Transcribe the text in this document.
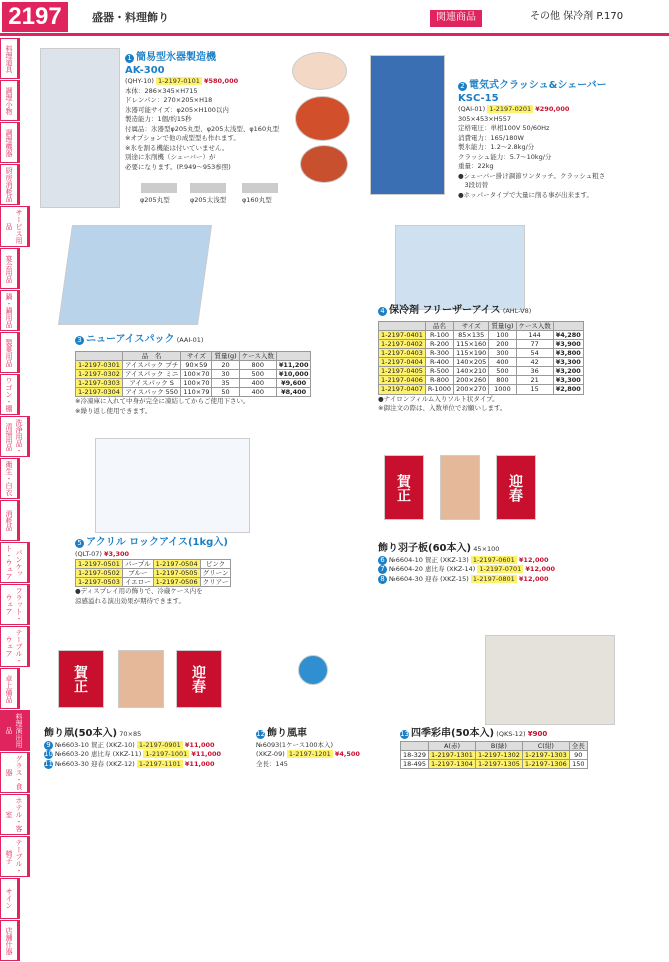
2197	盛器・料理飾り	関連商品	その他 保冷剤 P.170
料理道具
調理小物
調理機器
厨房消耗品
サービス用品
宴会用品
鍋・鍋用品
製菓用品
ワゴン・棚
洗浄用品・清掃用品
衛生・白衣
消耗品
バンケット・ウェア
フラット・ウェア
テーブル・ウェア
卓上備品
料理演出用品
グラス・食器
ホテル・客室
テーブル・椅子
サイン
店舗什器
1 簡易型氷器製造機
AK-300
(QHY-10) 1-2197-0101 ¥580,000
本体：286×345×H715
ドレンパン：270×205×H18
氷器可能サイズ：φ205×H100以内
製造能力：1個/約15秒
付属品：氷器型φ205丸型、φ205太浅型、φ160丸型
※オプションで他の成型型も作れます。
※氷を割る機能は付いていません。
別途に氷削機（シェーバー）が
必要になります。(P.949〜953参照)
φ205丸型	φ205太浅型 φ160丸型
2 電気式クラッシュ&シェーバー
KSC-15
(QAI-01) 1-2197-0201 ¥290,000
305×453×H557
定格電圧：単相100V 50/60Hz
消費電力：165/180W
製氷能力：1.2〜2.8kg/分
クラッシュ能力：5.7〜10kg/分
重量：22kg
●シェーバー掛け調節ワンタッチ。クラッシュ粗さ
　3段切替
●ホッパータイプで大量に削る事が出来ます。
3 ニューアイスパック (AAI-01)
	品　名	サイズ	質量(g)	ケース入数	
1-2197-0301	アイスパック プチ	90×59	20	800	¥11,200
1-2197-0302	アイスパック ミニ	100×70	30	500	¥10,000
1-2197-0303	アイスパック S	100×70	35	400	¥9,600
1-2197-0304	アイスパック 550	110×79	50	400	¥8,400
※冷凍庫に入れて中身が完全に凍結してからご使用下さい。
※繰り返し使用できます。
4 保冷剤 フリーザーアイス (AHL-V8)
	品名	サイズ	質量(g)	ケース入数	
1-2197-0401	R-100	85×135	100	144	¥4,280
1-2197-0402	R-200	115×160	200	77	¥3,900
1-2197-0403	R-300	115×190	300	54	¥3,800
1-2197-0404	R-400	140×205	400	42	¥3,300
1-2197-0405	R-500	140×210	500	36	¥3,200
1-2197-0406	R-800	200×260	800	21	¥3,300
1-2197-0407	R-1000	200×270	1000	15	¥2,800
●ナイロンフィルム入りソルト状タイプ。
※御注文の際は、入数単位でお願いします。
5 アクリル ロックアイス(1kg入)
(QLT-07) ¥3,300
1-2197-0501	パープル	1-2197-0504	ピンク
1-2197-0502	ブルー	1-2197-0505	グリーン
1-2197-0503	イエロー	1-2197-0506	クリアー
●ディスプレイ用の飾りで、冷蔵ケース内を
涼感溢れる演出効果が期待できます。
賀正	迎春
飾り羽子板(60本入) 45×100
6 №6604-10 賀正 (XKZ-13) 1-2197-0601 ¥12,000
7 №6604-20 恵比寿 (XKZ-14) 1-2197-0701 ¥12,000
8 №6604-30 迎春 (XKZ-15) 1-2197-0801 ¥12,000
賀正	迎春
飾り凧(50本入) 70×85
9 №6603-10 賀正 (XKZ-10) 1-2197-0901 ¥11,000
10 №6603-20 恵比寿 (XKZ-11) 1-2197-1001 ¥11,000
11 №6603-30 迎春 (XKZ-12) 1-2197-1101 ¥11,000
12 飾り風車
№6093(1ケース100本入)
(XKZ-09) 1-2197-1201 ¥4,500
全長：145
13 四季彩串(50本入) (QKS-12) ¥900
	A(赤)	B(緑)	C(紺)	全長
18-329	1-2197-1301	1-2197-1302	1-2197-1303	90
18-495	1-2197-1304	1-2197-1305	1-2197-1306	150
